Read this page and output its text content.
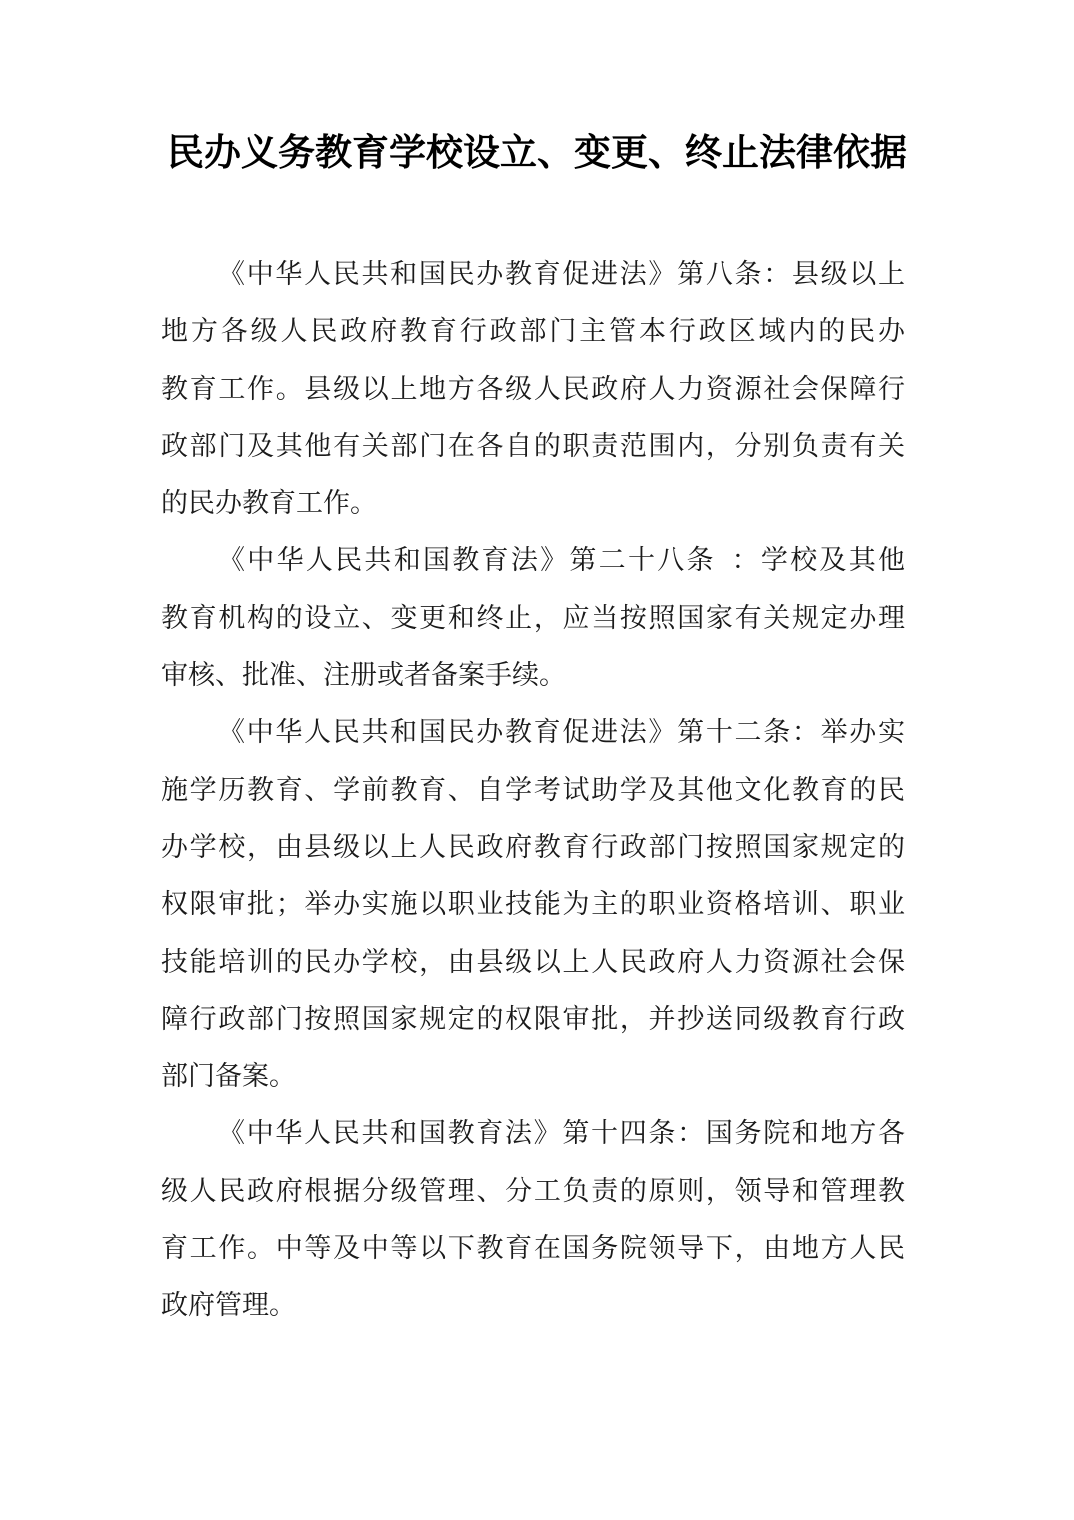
民办义务教育学校设立、变更、终止法律依据
《中华人民共和国民办教育促进法》第八条：县级以上
地方各级人民政府教育行政部门主管本行政区域内的民办
教育工作。县级以上地方各级人民政府人力资源社会保障行
政部门及其他有关部门在各自的职责范围内，分别负责有关
的民办教育工作。
《中华人民共和国教育法》第二十八条 ：学校及其他
教育机构的设立、变更和终止，应当按照国家有关规定办理
审核、批准、注册或者备案手续。
《中华人民共和国民办教育促进法》第十二条：举办实
施学历教育、学前教育、自学考试助学及其他文化教育的民
办学校，由县级以上人民政府教育行政部门按照国家规定的
权限审批；举办实施以职业技能为主的职业资格培训、职业
技能培训的民办学校，由县级以上人民政府人力资源社会保
障行政部门按照国家规定的权限审批，并抄送同级教育行政
部门备案。
《中华人民共和国教育法》第十四条：国务院和地方各
级人民政府根据分级管理、分工负责的原则，领导和管理教
育工作。中等及中等以下教育在国务院领导下，由地方人民
政府管理。
